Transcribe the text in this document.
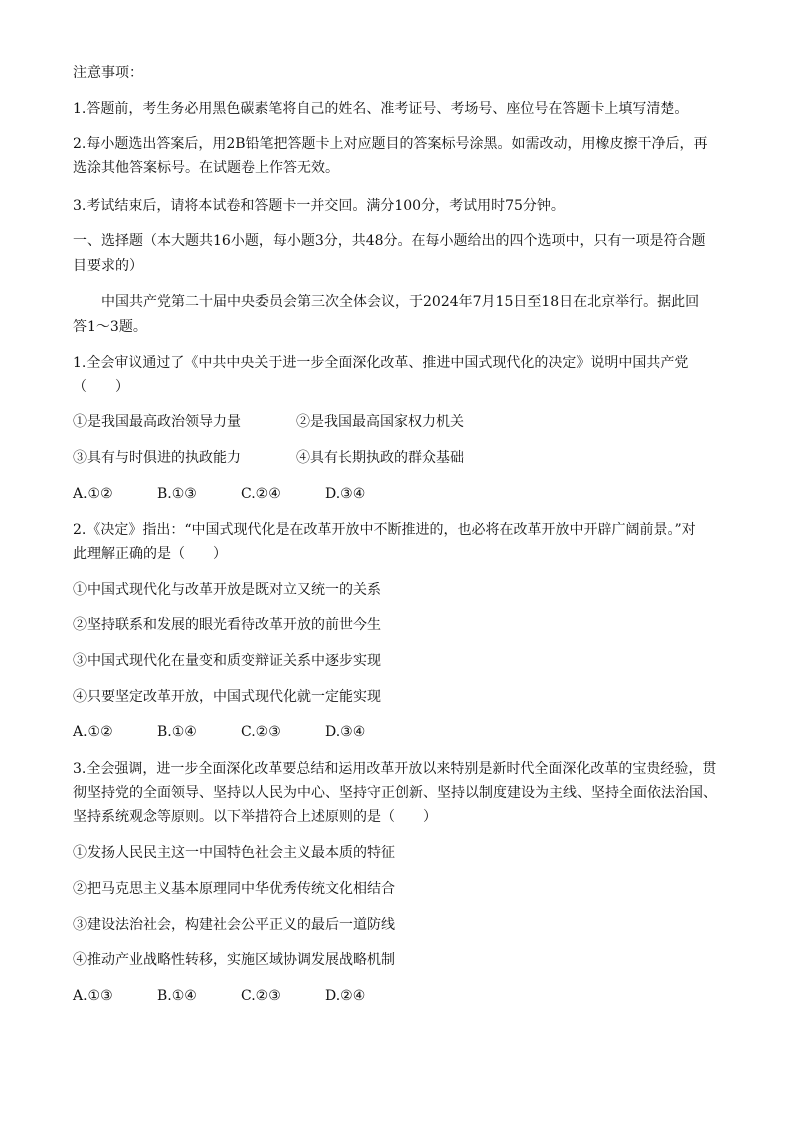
注意事项：
1.答题前，考生务必用黑色碳素笔将自己的姓名、准考证号、考场号、座位号在答题卡上填写清楚。
2.每小题选出答案后，用2B铅笔把答题卡上对应题目的答案标号涂黑。如需改动，用橡皮擦干净后，再
选涂其他答案标号。在试题卷上作答无效。
3.考试结束后，请将本试卷和答题卡一并交回。满分100分，考试用时75分钟。
一、选择题（本大题共16小题，每小题3分，共48分。在每小题给出的四个选项中，只有一项是符合题
目要求的）
中国共产党第二十届中央委员会第三次全体会议，于2024年7月15日至18日在北京举行。据此回
答1～3题。
1.全会审议通过了《中共中央关于进一步全面深化改革、推进中国式现代化的决定》说明中国共产党
（　　）
①是我国最高政治领导力量	②是我国最高国家权力机关
③具有与时俱进的执政能力	④具有长期执政的群众基础
A.①②	B.①③	C.②④	D.③④
2.《决定》指出：“中国式现代化是在改革开放中不断推进的，也必将在改革开放中开辟广阔前景。”对
此理解正确的是（　　）
①中国式现代化与改革开放是既对立又统一的关系
②坚持联系和发展的眼光看待改革开放的前世今生
③中国式现代化在量变和质变辩证关系中逐步实现
④只要坚定改革开放，中国式现代化就一定能实现
A.①②	B.①④	C.②③	D.③④
3.全会强调，进一步全面深化改革要总结和运用改革开放以来特别是新时代全面深化改革的宝贵经验，贯
彻坚持党的全面领导、坚持以人民为中心、坚持守正创新、坚持以制度建设为主线、坚持全面依法治国、
坚持系统观念等原则。以下举措符合上述原则的是（　　）
①发扬人民民主这一中国特色社会主义最本质的特征
②把马克思主义基本原理同中华优秀传统文化相结合
③建设法治社会，构建社会公平正义的最后一道防线
④推动产业战略性转移，实施区域协调发展战略机制
A.①③	B.①④	C.②③	D.②④
